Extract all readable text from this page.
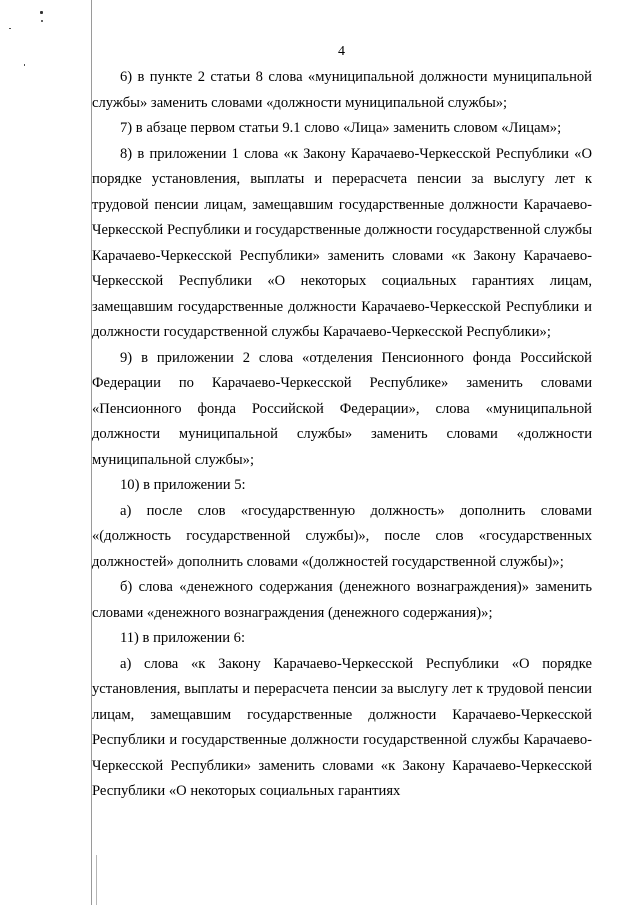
4

6) в пункте 2 статьи 8 слова «муниципальной должности муниципальной службы» заменить словами «должности муниципальной службы»;

7) в абзаце первом статьи 9.1 слово «Лица» заменить словом «Лицам»;

8) в приложении 1 слова «к Закону Карачаево-Черкесской Республики «О порядке установления, выплаты и перерасчета пенсии за выслугу лет к трудовой пенсии лицам, замещавшим государственные должности Карачаево-Черкесской Республики и государственные должности государственной службы Карачаево-Черкесской Республики» заменить словами «к Закону Карачаево-Черкесской Республики «О некоторых социальных гарантиях лицам, замещавшим государственные должности Карачаево-Черкесской Республики и должности государственной службы Карачаево-Черкесской Республики»;

9) в приложении 2 слова «отделения Пенсионного фонда Российской Федерации по Карачаево-Черкесской Республике» заменить словами «Пенсионного фонда Российской Федерации», слова «муниципальной должности муниципальной службы» заменить словами «должности муниципальной службы»;

10) в приложении 5:

а) после слов «государственную должность» дополнить словами «(должность государственной службы)», после слов «государственных должностей» дополнить словами «(должностей государственной службы)»;

б) слова «денежного содержания (денежного вознаграждения)» заменить словами «денежного вознаграждения (денежного содержания)»;

11) в приложении 6:

а) слова «к Закону Карачаево-Черкесской Республики «О порядке установления, выплаты и перерасчета пенсии за выслугу лет к трудовой пенсии лицам, замещавшим государственные должности Карачаево-Черкесской Республики и государственные должности государственной службы Карачаево-Черкесской Республики» заменить словами «к Закону Карачаево-Черкесской Республики «О некоторых социальных гарантиях
